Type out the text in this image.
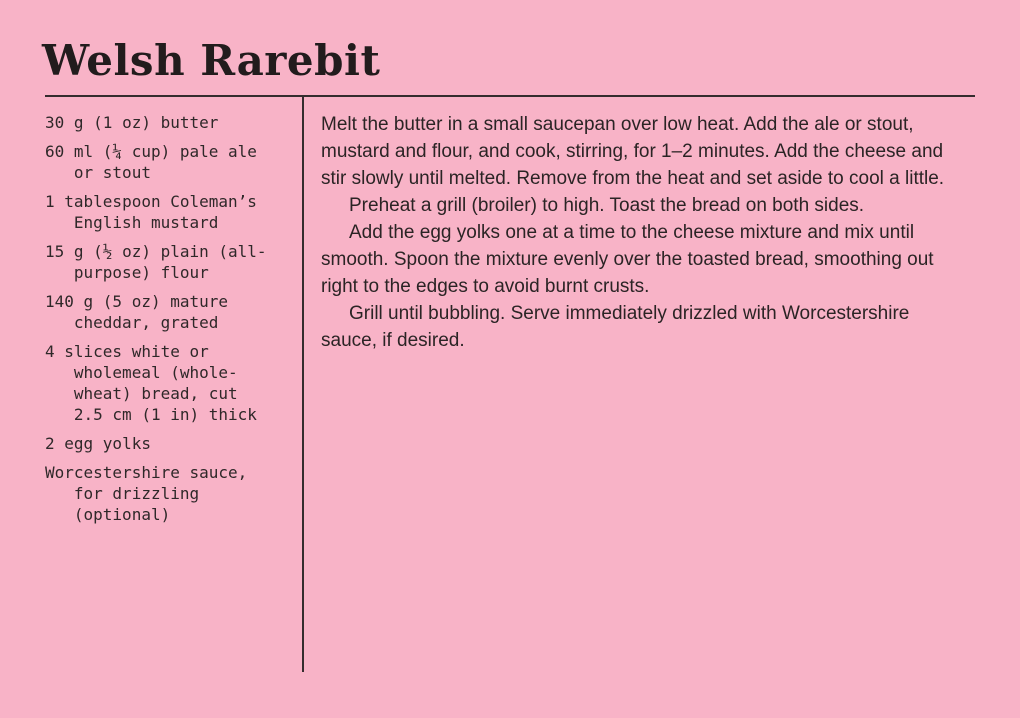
Welsh Rarebit

30 g (1 oz) butter

60 ml (¼ cup) pale ale or stout

1 tablespoon Coleman’s English mustard

15 g (½ oz) plain (all-purpose) flour

140 g (5 oz) mature cheddar, grated

4 slices white or wholemeal (whole-wheat) bread, cut 2.5 cm (1 in) thick

2 egg yolks

Worcestershire sauce, for drizzling (optional)

Melt the butter in a small saucepan over low heat. Add the ale or stout, mustard and flour, and cook, stirring, for 1–2 minutes. Add the cheese and stir slowly until melted. Remove from the heat and set aside to cool a little.

Preheat a grill (broiler) to high. Toast the bread on both sides.

Add the egg yolks one at a time to the cheese mixture and mix until smooth. Spoon the mixture evenly over the toasted bread, smoothing out right to the edges to avoid burnt crusts.

Grill until bubbling. Serve immediately drizzled with Worcestershire sauce, if desired.
